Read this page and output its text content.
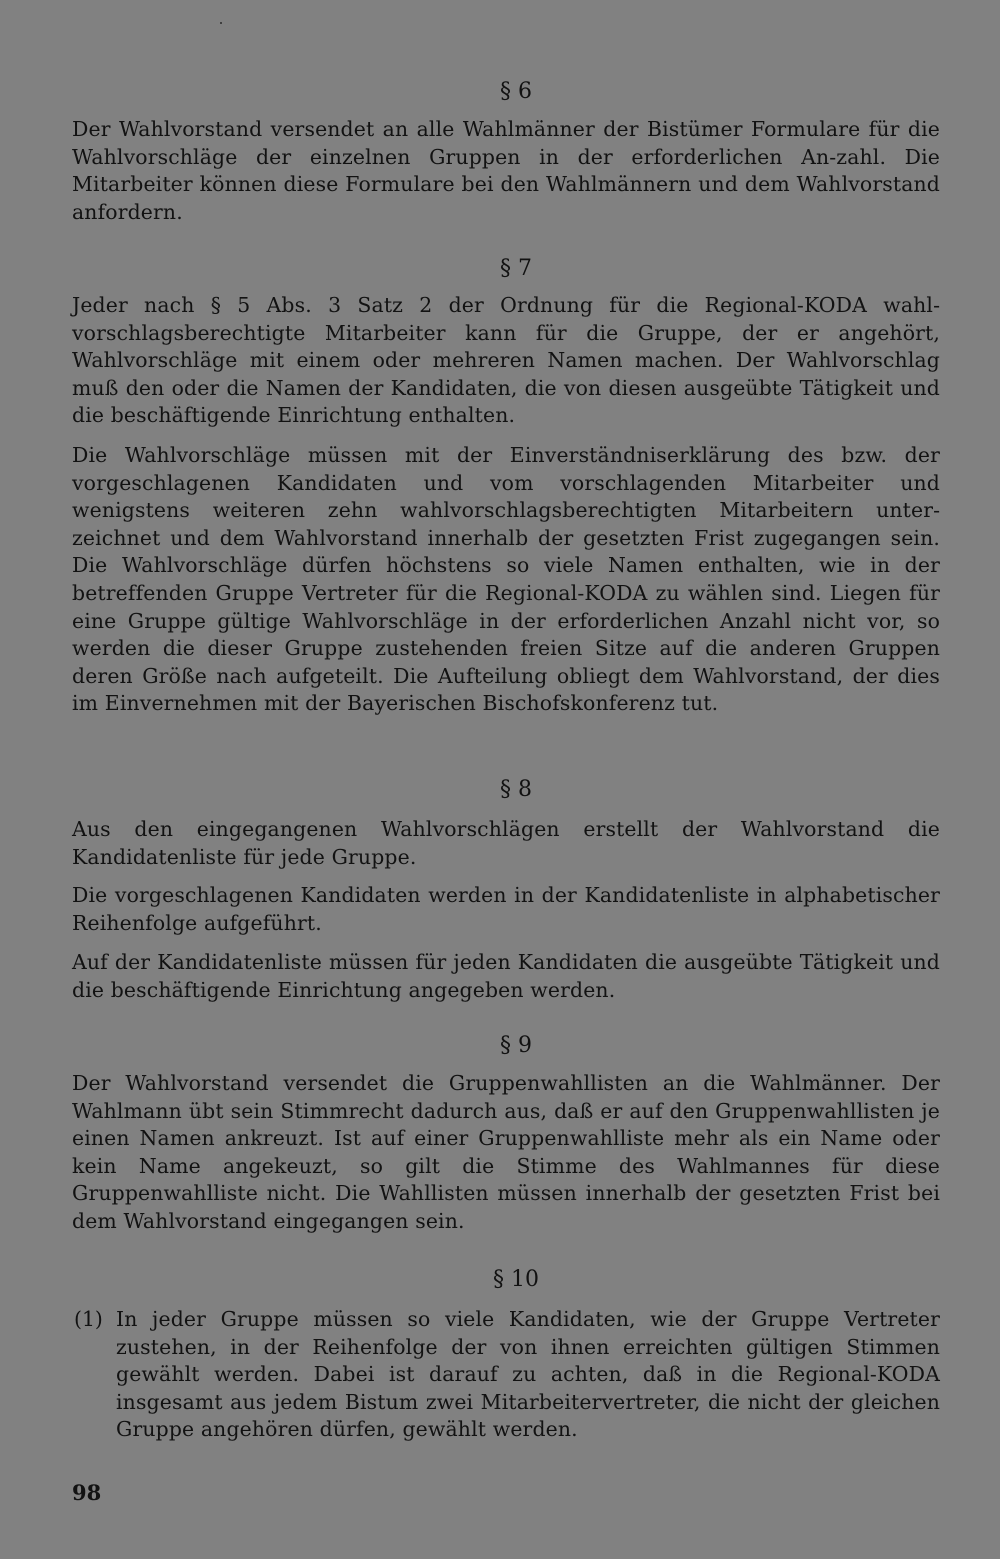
§ 6

Der Wahlvorstand versendet an alle Wahlmänner der Bistümer Formulare für die Wahlvorschläge der einzelnen Gruppen in der erforderlichen An-zahl. Die Mitarbeiter können diese Formulare bei den Wahlmännern und dem Wahlvorstand anfordern.

§ 7

Jeder nach § 5 Abs. 3 Satz 2 der Ordnung für die Regional-KODA wahlvorschlagsberechtigte Mitarbeiter kann für die Gruppe, der er angehört, Wahlvorschläge mit einem oder mehreren Namen machen. Der Wahlvorschlag muß den oder die Namen der Kandidaten, die von diesen ausgeübte Tätigkeit und die beschäftigende Einrichtung enthalten.

Die Wahlvorschläge müssen mit der Einverständniserklärung des bzw. der vorgeschlagenen Kandidaten und vom vorschlagenden Mitarbeiter und wenigstens weiteren zehn wahlvorschlagsberechtigten Mitarbeitern unterzeichnet und dem Wahlvorstand innerhalb der gesetzten Frist zugegangen sein. Die Wahlvorschläge dürfen höchstens so viele Namen enthalten, wie in der betreffenden Gruppe Vertreter für die Regional-KODA zu wählen sind. Liegen für eine Gruppe gültige Wahlvorschläge in der erforderlichen Anzahl nicht vor, so werden die dieser Gruppe zustehenden freien Sitze auf die anderen Gruppen deren Größe nach aufgeteilt. Die Aufteilung obliegt dem Wahlvorstand, der dies im Einvernehmen mit der Bayerischen Bischofskonferenz tut.

§ 8

Aus den eingegangenen Wahlvorschlägen erstellt der Wahlvorstand die Kandidatenliste für jede Gruppe.

Die vorgeschlagenen Kandidaten werden in der Kandidatenliste in alphabetischer Reihenfolge aufgeführt.

Auf der Kandidatenliste müssen für jeden Kandidaten die ausgeübte Tätigkeit und die beschäftigende Einrichtung angegeben werden.

§ 9

Der Wahlvorstand versendet die Gruppenwahllisten an die Wahlmänner. Der Wahlmann übt sein Stimmrecht dadurch aus, daß er auf den Gruppenwahllisten je einen Namen ankreuzt. Ist auf einer Gruppenwahlliste mehr als ein Name oder kein Name angekeuzt, so gilt die Stimme des Wahlmannes für diese Gruppenwahlliste nicht. Die Wahllisten müssen innerhalb der gesetzten Frist bei dem Wahlvorstand eingegangen sein.

§ 10
(1) In jeder Gruppe müssen so viele Kandidaten, wie der Gruppe Vertreter zustehen, in der Reihenfolge der von ihnen erreichten gültigen Stimmen gewählt werden. Dabei ist darauf zu achten, daß in die Regional-KODA insgesamt aus jedem Bistum zwei Mitarbeitervertreter, die nicht der gleichen Gruppe angehören dürfen, gewählt werden.
98
